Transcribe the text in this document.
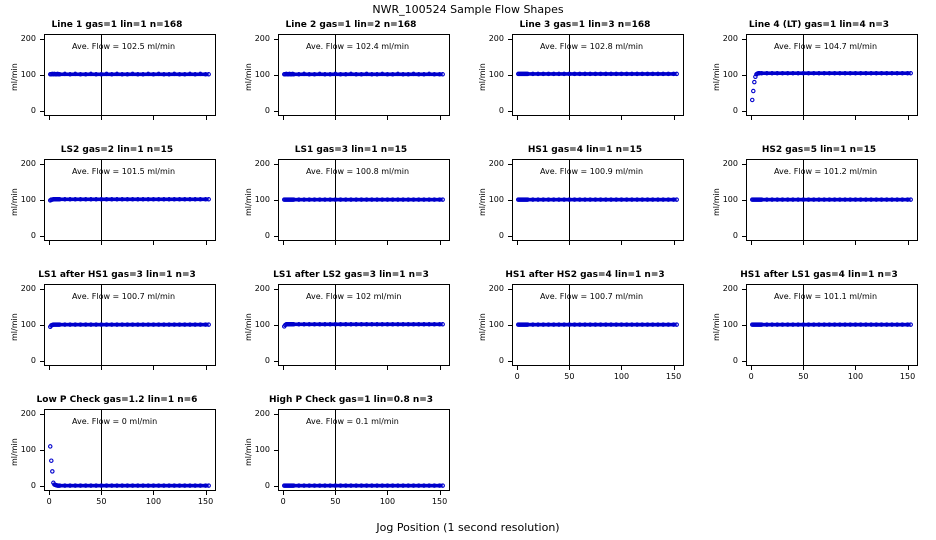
NWR_100524 Sample Flow Shapes
Line 1 gas=1 lin=1 n=168
ml/min
0
100
200
Ave. Flow = 102.5 ml/min
Line 2 gas=1 lin=2 n=168
ml/min
0
100
200
Ave. Flow = 102.4 ml/min
Line 3 gas=1 lin=3 n=168
ml/min
0
100
200
Ave. Flow = 102.8 ml/min
Line 4 (LT) gas=1 lin=4 n=3
ml/min
0
100
200
Ave. Flow = 104.7 ml/min
LS2 gas=2 lin=1 n=15
ml/min
0
100
200
Ave. Flow = 101.5 ml/min
LS1 gas=3 lin=1 n=15
ml/min
0
100
200
Ave. Flow = 100.8 ml/min
HS1 gas=4 lin=1 n=15
ml/min
0
100
200
Ave. Flow = 100.9 ml/min
HS2 gas=5 lin=1 n=15
ml/min
0
100
200
Ave. Flow = 101.2 ml/min
LS1 after HS1 gas=3 lin=1 n=3
ml/min
0
100
200
Ave. Flow = 100.7 ml/min
LS1 after LS2 gas=3 lin=1 n=3
ml/min
0
100
200
Ave. Flow = 102 ml/min
HS1 after HS2 gas=4 lin=1 n=3
ml/min
0
100
200
0	50	100	150
Ave. Flow = 100.7 ml/min
HS1 after LS1 gas=4 lin=1 n=3
ml/min
0
100
200
0	50	100	150
Ave. Flow = 101.1 ml/min
Low P Check gas=1.2 lin=1 n=6
ml/min
0
100
200
0	50	100	150
Ave. Flow = 0 ml/min
High P Check gas=1 lin=0.8 n=3
ml/min
0
100
200
0	50	100	150
Ave. Flow = 0.1 ml/min
Jog Position (1 second resolution)
